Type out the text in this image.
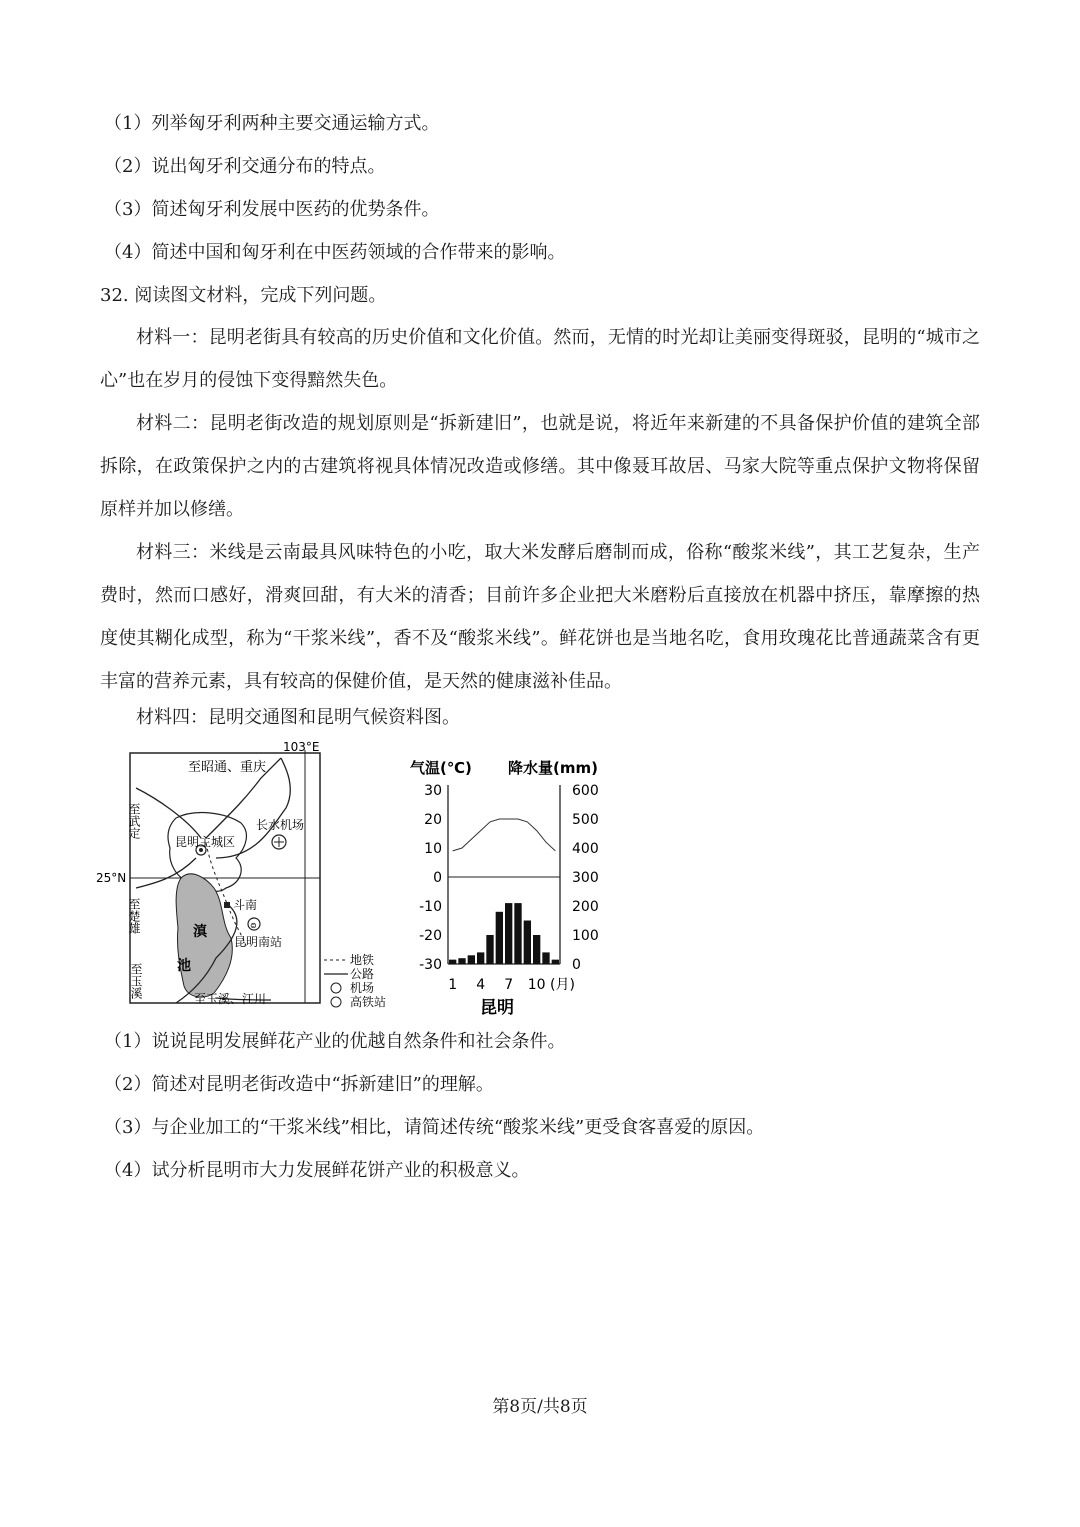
（1）列举匈牙利两种主要交通运输方式。
（2）说出匈牙利交通分布的特点。
（3）简述匈牙利发展中医药的优势条件。
（4）简述中国和匈牙利在中医药领域的合作带来的影响。
32. 阅读图文材料，完成下列问题。
材料一：昆明老街具有较高的历史价值和文化价值。然而，无情的时光却让美丽变得斑驳，昆明的“城市之心”也在岁月的侵蚀下变得黯然失色。
材料二：昆明老街改造的规划原则是“拆新建旧”，也就是说，将近年来新建的不具备保护价值的建筑全部拆除，在政策保护之内的古建筑将视具体情况改造或修缮。其中像聂耳故居、马家大院等重点保护文物将保留原样并加以修缮。
材料三：米线是云南最具风味特色的小吃，取大米发酵后磨制而成，俗称“酸浆米线”，其工艺复杂，生产费时，然而口感好，滑爽回甜，有大米的清香；目前许多企业把大米磨粉后直接放在机器中挤压，靠摩擦的热度使其糊化成型，称为“干浆米线”，香不及“酸浆米线”。鲜花饼也是当地名吃，食用玫瑰花比普通蔬菜含有更丰富的营养元素，具有较高的保健价值，是天然的健康滋补佳品。
材料四：昆明交通图和昆明气候资料图。
103°E
25°N
⊜
至昭通、重庆
至武定
昆明主城区
长水机场
至楚雄	斗南
滇
池
昆明南站
至玉溪	至玉溪、江川
地铁
公路
机场
高铁站
气温(℃) 降水量(mm)
30
20
10
0
-10
-20
-30
600
500
400
300
200
100
0
1 4 7 10 (月)
昆明
（1）说说昆明发展鲜花产业的优越自然条件和社会条件。
（2）简述对昆明老街改造中“拆新建旧”的理解。
（3）与企业加工的“干浆米线”相比，请简述传统“酸浆米线”更受食客喜爱的原因。
（4）试分析昆明市大力发展鲜花饼产业的积极意义。
第8页/共8页
